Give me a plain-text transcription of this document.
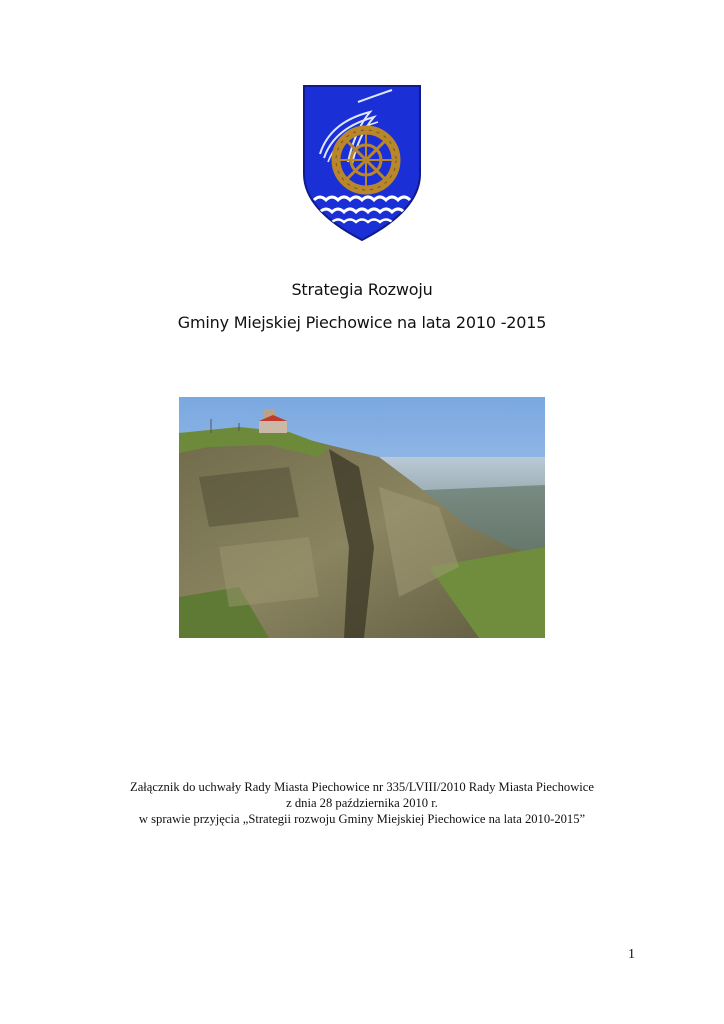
Strategia Rozwoju
Gminy Miejskiej Piechowice na lata 2010 -2015
Załącznik do uchwały Rady Miasta Piechowice nr 335/LVIII/2010 Rady Miasta Piechowice
z dnia 28 października 2010 r.
w sprawie przyjęcia „Strategii rozwoju Gminy Miejskiej Piechowice na lata 2010-2015”
1
